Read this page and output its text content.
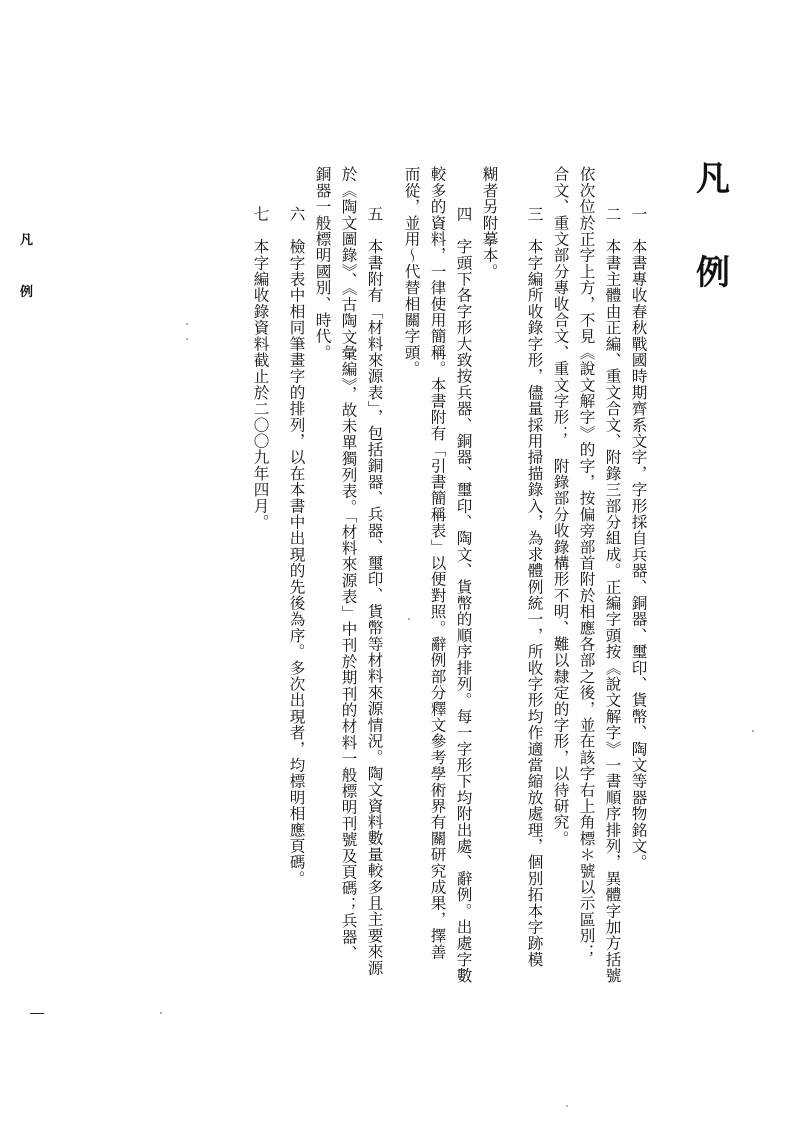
凡
例
凡
例	一　本書專收春秋戰國時期齊系文字，字形採自兵器、銅器、璽印、貨幣、陶文等器物銘文。
二　本書主體由正編、重文合文、附錄三部分組成。正編字頭按《說文解字》一書順序排列，異體字加方括號
依次位於正字上方，不見《說文解字》的字，按偏旁部首附於相應各部之後，並在該字右上角標＊號以示區別；
合文、重文部分專收合文、重文字形；　附錄部分收錄構形不明、難以隸定的字形，以待研究。
三　本字編所收錄字形，儘量採用掃描錄入，為求體例統一，所收字形均作適當縮放處理，個別拓本字跡模
糊者另附摹本。
四　字頭下各字形大致按兵器、銅器、璽印、陶文、貨幣的順序排列。每一字形下均附出處、辭例。出處字數
較多的資料，一律使用簡稱。本書附有「引書簡稱表」以便對照。辭例部分釋文參考學術界有關研究成果，擇善
而從，並用～代替相關字頭。
五　本書附有「材料來源表」，包括銅器、兵器、璽印、貨幣等材料來源情況。陶文資料數量較多且主要來源
於《陶文圖錄》、《古陶文彙編》，故未單獨列表。「材料來源表」中刊於期刊的材料一般標明刊號及頁碼；兵器、
銅器一般標明國別、時代。
六　檢字表中相同筆畫字的排列，以在本書中出現的先後為序。多次出現者，均標明相應頁碼。
七　本字編收錄資料截止於二〇〇九年四月。
